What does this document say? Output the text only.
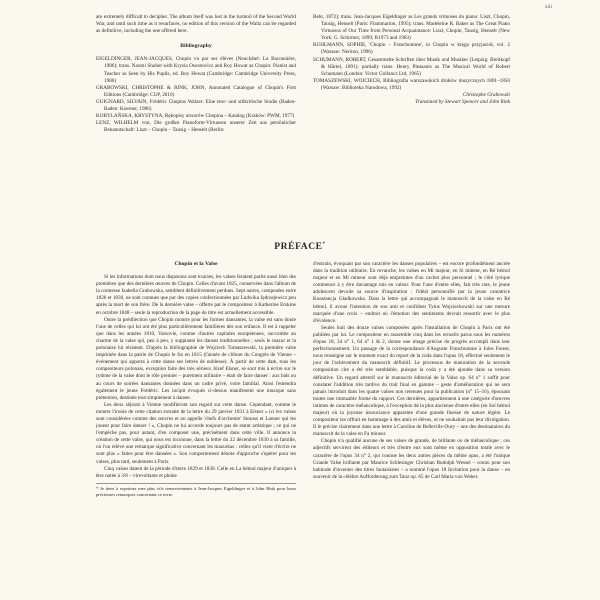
xiii

are extremely difficult to decipher. The album itself was lost in the turmoil of the Second World War, and until such time as it resurfaces, no edition of this version of the Waltz can be regarded as definitive, including the one offered here.

Bibliography

EIGELDINGER, JEAN-JACQUES, Chopin vu par ses élèves (Neuchâtel: La Baconnière, 1986); trans. Naomi Shohet with Krysia Osostowicz and Roy Howat as Chopin: Pianist and Teacher as Seen by His Pupils, ed. Roy Howat (Cambridge: Cambridge University Press, 1986)

GRABOWSKI, CHRISTOPHE & RINK, JOHN, Annotated Catalogue of Chopin's First Editions (Cambridge: CUP, 2010)

GUIGNARD, SILVAIN, Frédéric Chopins Walzer: Eine text- und stilkritische Studie (Baden-Baden: Koerner, 1986)

KOBYLAŃSKA, KRYSTYNA, Rękopisy utworów Chopina – Katalog (Kraków: PWM, 1977)

LENZ, WILHELM von, Die großen Pianoforte-Virtuosen unserer Zeit aus persönlicher Bekanntschaft: Liszt – Chopin – Tausig – Henselt (Berlin:

Behr, 1872); trans. Jean-Jacques Eigeldinger as Les grands virtuoses du piano: Liszt, Chopin, Tausig, Henselt (Paris: Flammarion, 1995); trans. Madeleine R. Baker as The Great Piano Virtuosos of Our Time from Personal Acquaintance: Liszt, Chopin, Tausig, Henselt (New York: G. Schirmer, 1899; R1973 and 1983)

RUHLMANN, SOPHIE, 'Chopin – Franchomme', in Chopin w kręgu przyjaciół, vol. 2 (Warsaw: Neriton, 1996)

SCHUMANN, ROBERT, Gesammelte Schriften über Musik und Musiker (Leipzig: Breitkopf & Härtel, 1891); partially trans. Henry Pleasants as The Musical World of Robert Schumann (London: Victor Gollancz Ltd, 1965)

TOMASZEWSKI, WOJCIECH, Bibliografia warszawskich druków muzycznych 1801–1850 (Warsaw: Biblioteka Narodowa, 1992)

Christophe Grabowski

Translated by Stewart Spencer and John Rink

PRÉFACE*
Chopin et la Valse

Si les informations dont nous disposons sont exactes, les valses feraient partie aussi bien des premières que des dernières œuvres de Chopin. Celles d'avant 1825, conservées dans l'album de la comtesse Izabella Grabowska, semblent définitivement perdues. Sept autres, composées entre 1826 et 1830, ne sont connues que par des copies confectionnées par Ludwika Jędrzejewicz peu après la mort de son frère. De la dernière valse – offerte par le compositeur à Katherine Erskine en octobre 1848 – seule la reproduction de la page de titre est actuellement accessible.

Outre la prédilection que Chopin montre pour les formes dansantes, la valse est sans doute l'une de celles qui lui ont été plus particulièrement familières dès son enfance. Il est à rappeler que dans les années 1810, Varsovie, comme d'autres capitales européennes, succombe au charme de la valse qui, peu à peu, y supplante les danses traditionnelles ; seuls le mazur et la polonaise lui résistent. D'après la bibliographie de Wojciech Tomaszewski, la première valse imprimée dans la patrie de Chopin le fut en 1815 (l'année de clôture du Congrès de Vienne – événement qui apporta à cette danse ses lettres de noblesse). À partir de cette date, tous les compositeurs polonais, exception faite des très sérieux Józef Elsner, se sont mis à écrire sur le rythme de la valse dont le rôle premier – purement utilitaire – était de faire danser : aux bals ou au cours de soirées dansantes données dans un cadre privé, voire familial. Ainsi l'entendra également le jeune Frédéric. Les incipit évoqués ci-dessus manifestent une musique sans prétention, destinée tout simplement à danser.

Les deux séjours à Vienne modifieront son regard sur cette danse. Cependant, comme le montre l'ironie de cette citation extraite de la lettre du 29 janvier 1831 à Elsner « ici les valses sont considérées comme des œuvres et on appelle 'chefs d'orchestre' Strauss et Lanner qui les jouent pour faire danser ! », Chopin ne lui accorde toujours pas de statut artistique ; ce qui ne l'empêche pas, pour autant, d'en composer une, précisément dans cette ville. Il annonce la création de cette valse, qui nous est inconnue, dans la lettre du 22 décembre 1830 à sa famille, où l'on relève une remarque significative concernant les mazurkas : celles qu'il vient d'écrire ne sont plus « faites pour être dansées ». Son comportement dénote d'approche s'opérer pour les valses, plus tard, seulement à Paris.

Cinq valses datent de la période d'entre 1829 et 1830. Celle en La bémol majeur d'uniquer à être notée à 3/8 – virevoltante et pleine

* Je tiens à exprimer mes plus vifs remerciements à Jean-Jacques Eigeldinger et à John Rink pour leurs précieuses remarques concernant ce texte.

d'entrain, évoquant par son caractère les danses populaires – est encore profondément ancrée dans la tradition utilitaire. En revanche, les valses en Mi majeur, en Si mineur, en Ré bémol majeur et en Mi mineur sont déjà empreintes d'un cachet plus personnel ; le côté lyrique commence à y être davantage mis en valeur. Pour l'une d'entre elles, fait très rare, le jeune adolescent devoile sa source d'inspiration : l'idéal personnifié par la jeune cantatrice Konstancja Gładkowska. Dans la lettre qui accompagnait le manuscrit de la valse en Ré bémol, il avoue l'intention de son ami et confident Tytus Wojciechowski sur une mesure marquée d'une croix – endroit où l'émotion des sentiments devrait ressortir avec le plus d'évidence.

Seules huit des douze valses composées après l'installation de Chopin à Paris ont été publiées par lui. Le compositeur en rassemble cinq dans les recueils parus sous les numéros d'opus 18, 34 n° 1, 64 n° 1 & 2, donne une image précise du progrès accompli dans leur perfectionnement. Un passage de la correspondance d'Auguste Franchomme à Jules Forest, nous renseigne sur le moment exact du report de la coda dans l'opus 18, effectué seulement le jour de l'achèvement du manuscrit définitif. Le processus de maturation de la seconde composition cite a été très semblable, puisque la coda y a été ajoutée dans sa version définitive. Un regard attentif sur le manuscrit éditorial de la Valse op. 64 n° 1 suffit pour constater l'addition très tardive du trait final en gamme – geste d'amélioration qui ne sera jamais introduit dans les quatre valses non retenues pour la publication (n° 15–16), épousant toutes une immuable forme du rapport. Ces dernières, appartiennent à une catégorie d'œuvres intimes de caractère mélancolique, à l'exception de la plus ancienne d'entre elles (en Sol bémol majeur) où la joyeuse insouciance apparente d'une grande finesse de nature légère. Le compositeur les offrait en hommage à des amis et élèves, et ne souhaitait pas leur divulgation. Il le précise clairement dans une lettre à Caroline de Belleville-Oury – une des destinataires du manuscrit de la valse en Fa mineur.

Chopin n'a qualifié aucune de ses valses de grande, de brillante ou de mélancolique ; ces adjectifs servirent des éditeurs et très d'entre eux sont même en opposition totale avec le caractère de l'opus 34 n° 2, qui connue les deux autres pièces du même opus, a été l'unique Grande Valse brillante par Maurice Schlesinger Christian Rudolph Wessel – connu pour son habitude d'inventer des titres fantaisistes – a nommé l'opus 18 Invitation pour la danse – en souvenir de la célèbre Aufforderung zum Tanz op. 65 de Carl Maria von Weber.
